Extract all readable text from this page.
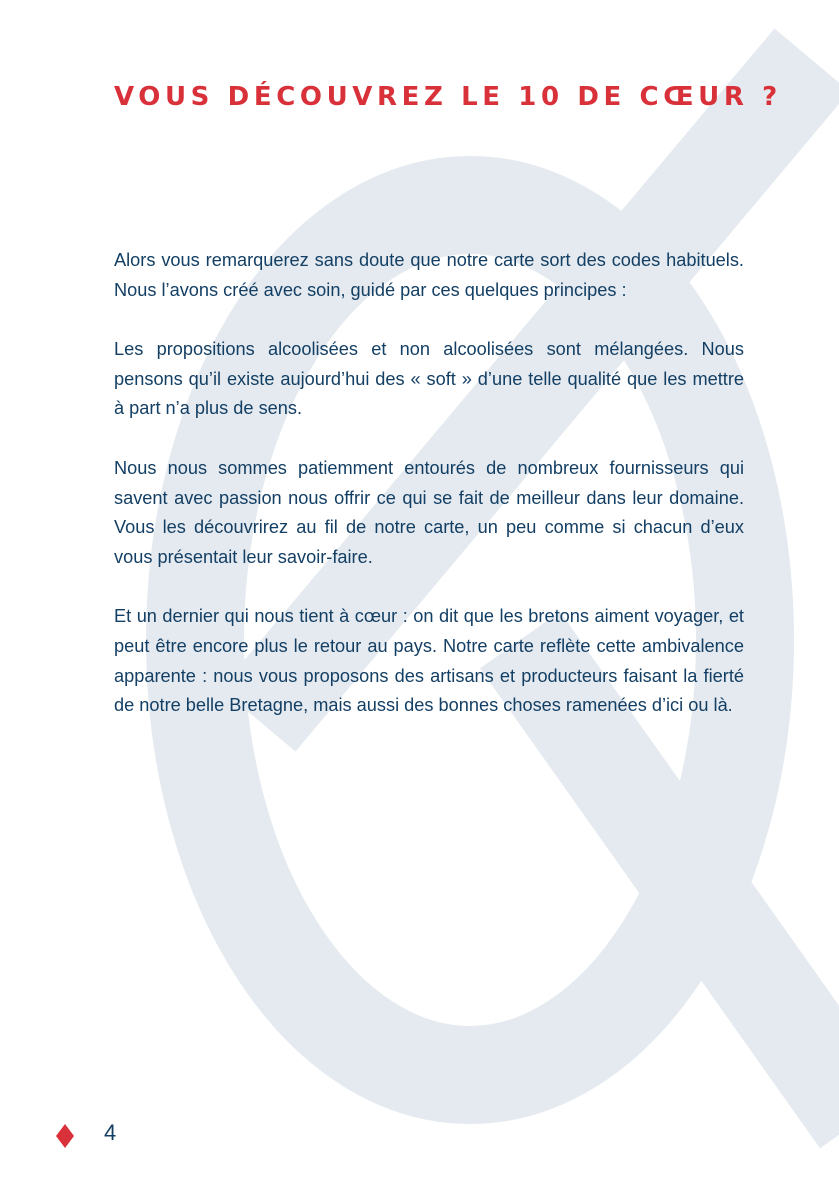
VOUS DÉCOUVREZ LE 10 DE CŒUR ?

Alors vous remarquerez sans doute que notre carte sort des codes habituels. Nous l’avons créé avec soin, guidé par ces quelques principes :

Les propositions alcoolisées et non alcoolisées sont mélangées. Nous pensons qu’il existe aujourd’hui des « soft » d’une telle qualité que les mettre à part n’a plus de sens.

Nous nous sommes patiemment entourés de nombreux fournisseurs qui savent avec passion nous offrir ce qui se fait de meilleur dans leur domaine. Vous les découvrirez au fil de notre carte, un peu comme si chacun d’eux vous présentait leur savoir-faire.

Et un dernier qui nous tient à cœur : on dit que les bretons aiment voyager, et peut être encore plus le retour au pays. Notre carte reflète cette ambivalence apparente : nous vous proposons des artisans et producteurs faisant la fierté de notre belle Bretagne, mais aussi des bonnes choses ramenées d’ici ou là.

4
